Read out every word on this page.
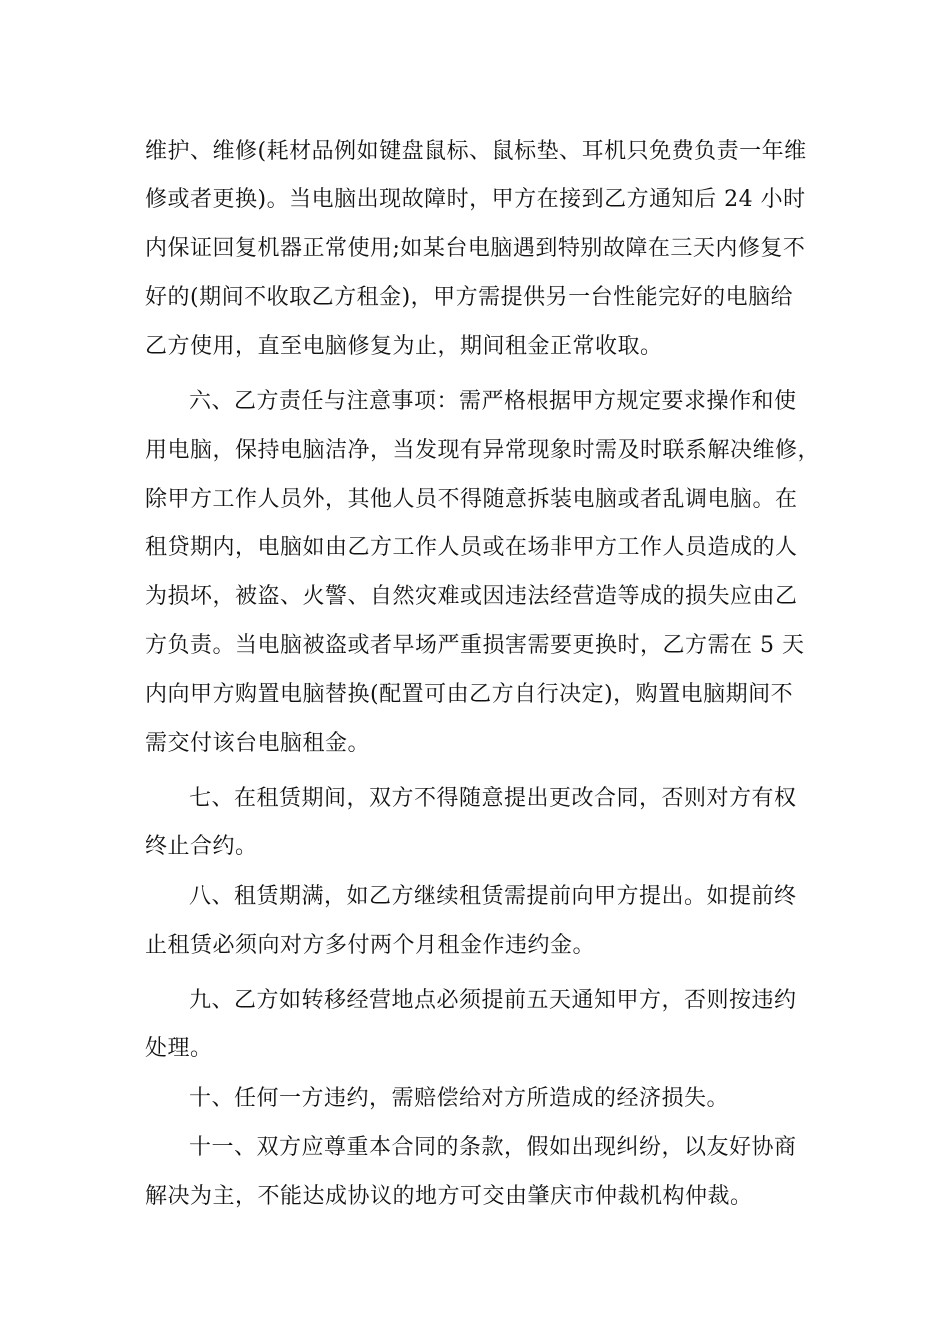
维护、维修(耗材品例如键盘鼠标、鼠标垫、耳机只免费负责一年维
修或者更换)。当电脑出现故障时，甲方在接到乙方通知后 24 小时
内保证回复机器正常使用;如某台电脑遇到特别故障在三天内修复不
好的(期间不收取乙方租金)，甲方需提供另一台性能完好的电脑给
乙方使用，直至电脑修复为止，期间租金正常收取。
六、乙方责任与注意事项：需严格根据甲方规定要求操作和使
用电脑，保持电脑洁净，当发现有异常现象时需及时联系解决维修，
除甲方工作人员外，其他人员不得随意拆装电脑或者乱调电脑。在
租贷期内，电脑如由乙方工作人员或在场非甲方工作人员造成的人
为损坏，被盗、火警、自然灾难或因违法经营造等成的损失应由乙
方负责。当电脑被盗或者早场严重损害需要更换时，乙方需在 5 天
内向甲方购置电脑替换(配置可由乙方自行决定)，购置电脑期间不
需交付该台电脑租金。
七、在租赁期间，双方不得随意提出更改合同，否则对方有权
终止合约。
八、租赁期满，如乙方继续租赁需提前向甲方提出。如提前终
止租赁必须向对方多付两个月租金作违约金。
九、乙方如转移经营地点必须提前五天通知甲方，否则按违约
处理。
十、任何一方违约，需赔偿给对方所造成的经济损失。
十一、双方应尊重本合同的条款，假如出现纠纷，以友好协商
解决为主，不能达成协议的地方可交由肇庆市仲裁机构仲裁。
